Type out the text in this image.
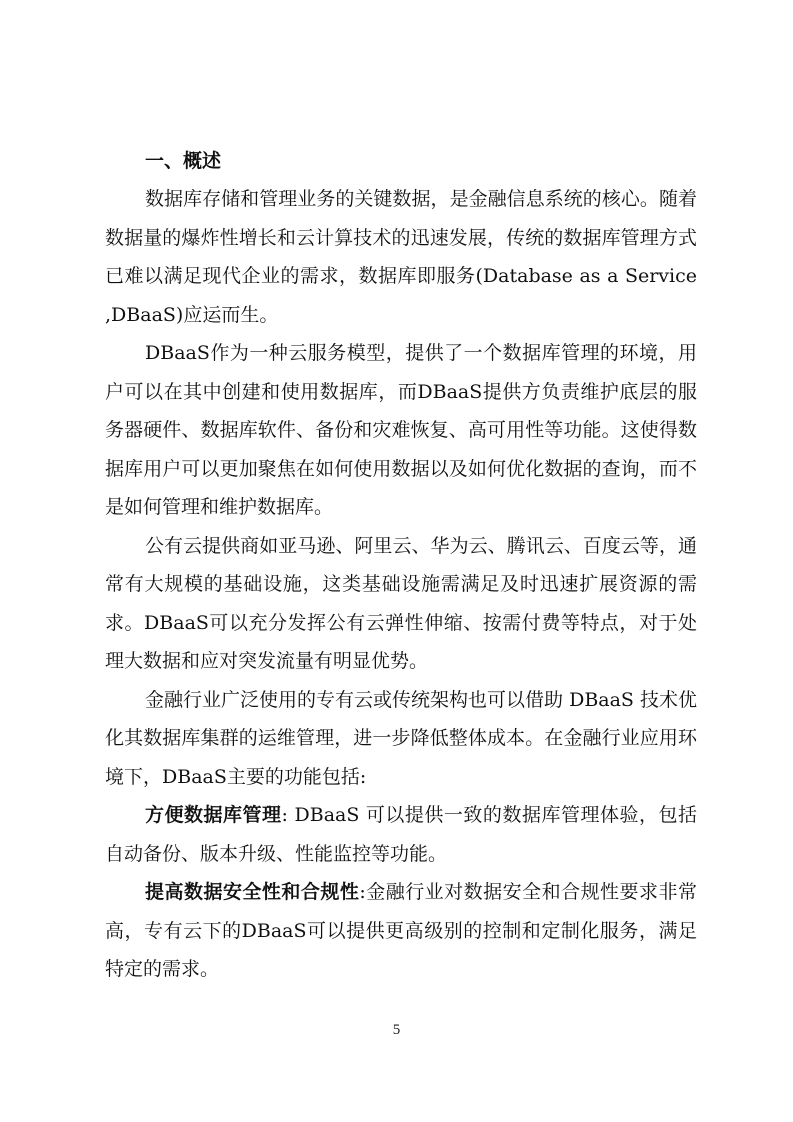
一、概述

数据库存储和管理业务的关键数据，是金融信息系统的核心。随着数据量的爆炸性增长和云计算技术的迅速发展，传统的数据库管理方式已难以满足现代企业的需求，数据库即服务(Database as a Service ,DBaaS)应运而生。

DBaaS作为一种云服务模型，提供了一个数据库管理的环境，用户可以在其中创建和使用数据库，而DBaaS提供方负责维护底层的服务器硬件、数据库软件、备份和灾难恢复、高可用性等功能。这使得数据库用户可以更加聚焦在如何使用数据以及如何优化数据的查询，而不是如何管理和维护数据库。

公有云提供商如亚马逊、阿里云、华为云、腾讯云、百度云等，通常有大规模的基础设施，这类基础设施需满足及时迅速扩展资源的需求。DBaaS可以充分发挥公有云弹性伸缩、按需付费等特点，对于处理大数据和应对突发流量有明显优势。

金融行业广泛使用的专有云或传统架构也可以借助 DBaaS 技术优化其数据库集群的运维管理，进一步降低整体成本。在金融行业应用环境下，DBaaS主要的功能包括:

方便数据库管理: DBaaS 可以提供一致的数据库管理体验，包括自动备份、版本升级、性能监控等功能。

提高数据安全性和合规性:金融行业对数据安全和合规性要求非常高，专有云下的DBaaS可以提供更高级别的控制和定制化服务，满足特定的需求。

5
